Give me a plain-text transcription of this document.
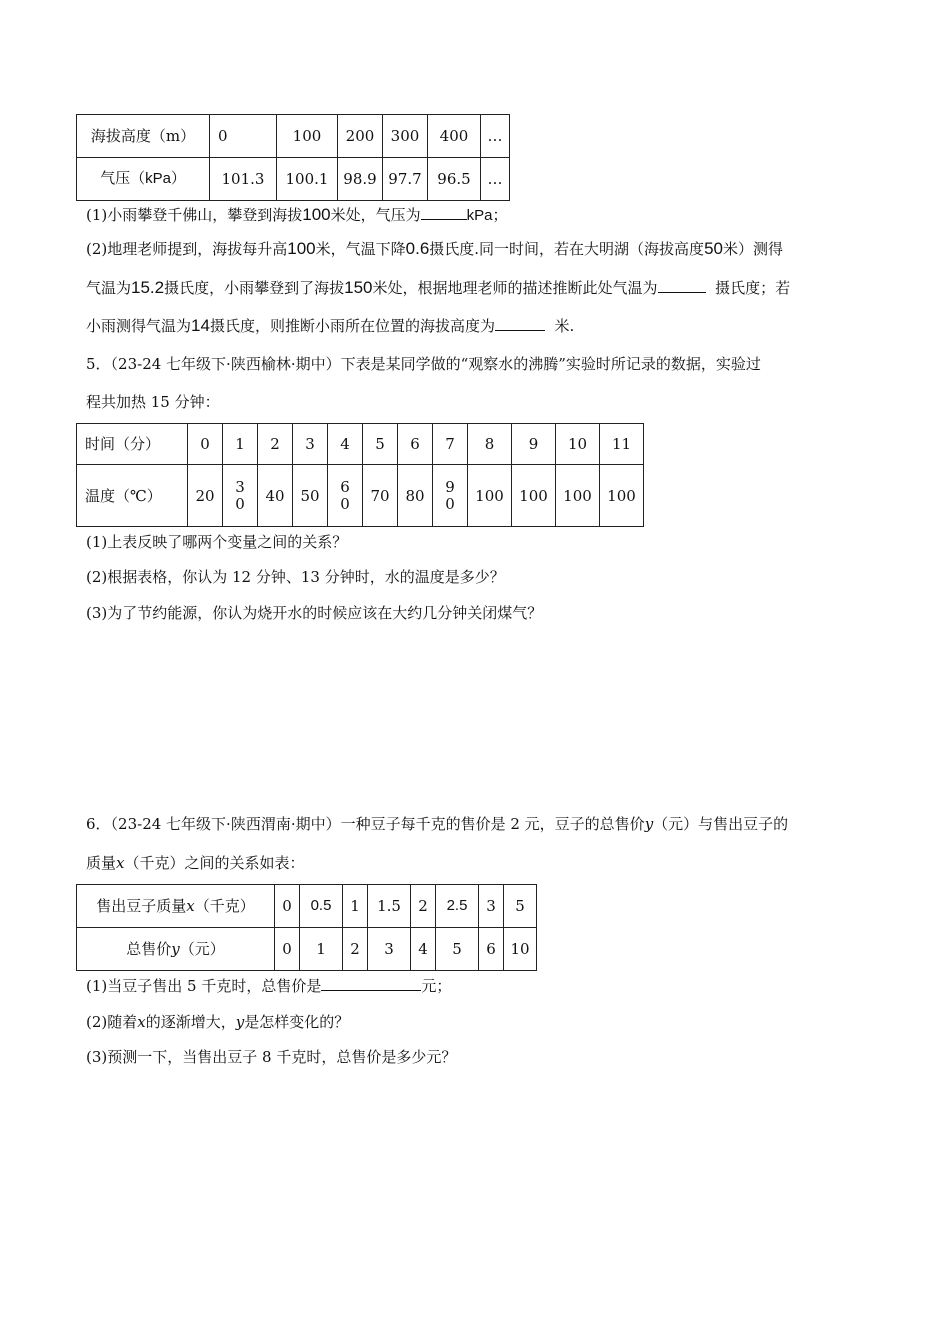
海拔高度（m）	0	100	200	300	400	…
气压（kPa）	101.3	100.1	98.9	97.7	96.5	…
(1)小雨攀登千佛山，攀登到海拔100米处，气压为	kPa；
(2)地理老师提到，海拔每升高100米，气温下降0.6摄氏度.同一时间，若在大明湖（海拔高度50米）测得
气温为15.2摄氏度，小雨攀登到了海拔150米处，根据地理老师的描述推断此处气温为	摄氏度；若
小雨测得气温为14摄氏度，则推断小雨所在位置的海拔高度为	米.
5．（23-24 七年级下·陕西榆林·期中）下表是某同学做的“观察水的沸腾”实验时所记录的数据，实验过
程共加热 15 分钟：
时间（分）	0	1	2	3	4	5	6	7	8	9	10	11
温度（℃）	20	30	40	50	60	70	80	90	100	100	100	100
(1)上表反映了哪两个变量之间的关系？
(2)根据表格，你认为 12 分钟、13 分钟时，水的温度是多少？
(3)为了节约能源，你认为烧开水的时候应该在大约几分钟关闭煤气？
6．（23-24 七年级下·陕西渭南·期中）一种豆子每千克的售价是 2 元，豆子的总售价y（元）与售出豆子的
质量x（千克）之间的关系如表：
售出豆子质量x（千克）	0	0.5	1	1.5	2	2.5	3	5
总售价y（元）	0	1	2	3	4	5	6	10
(1)当豆子售出 5 千克时，总售价是	元；
(2)随着x的逐渐增大，y是怎样变化的？
(3)预测一下，当售出豆子 8 千克时，总售价是多少元？
